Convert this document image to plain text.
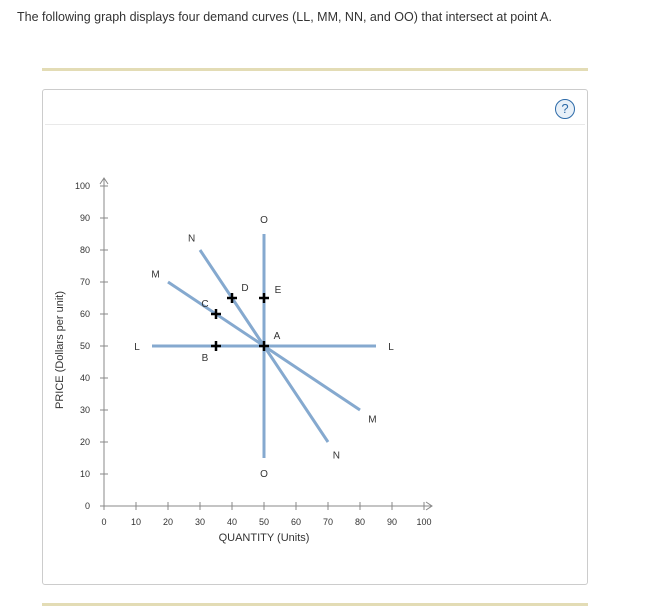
The following graph displays four demand curves (LL, MM, NN, and OO) that intersect at point A.
?
0	10 20 30 40 50 60 70 80 90 100
0
10
20
30
40
50
60
70
80
90
100
QUANTITY (Units)
PRICE (Dollars per unit)	L	L
M
M
N
N
O
O
A
B
C
D	E
